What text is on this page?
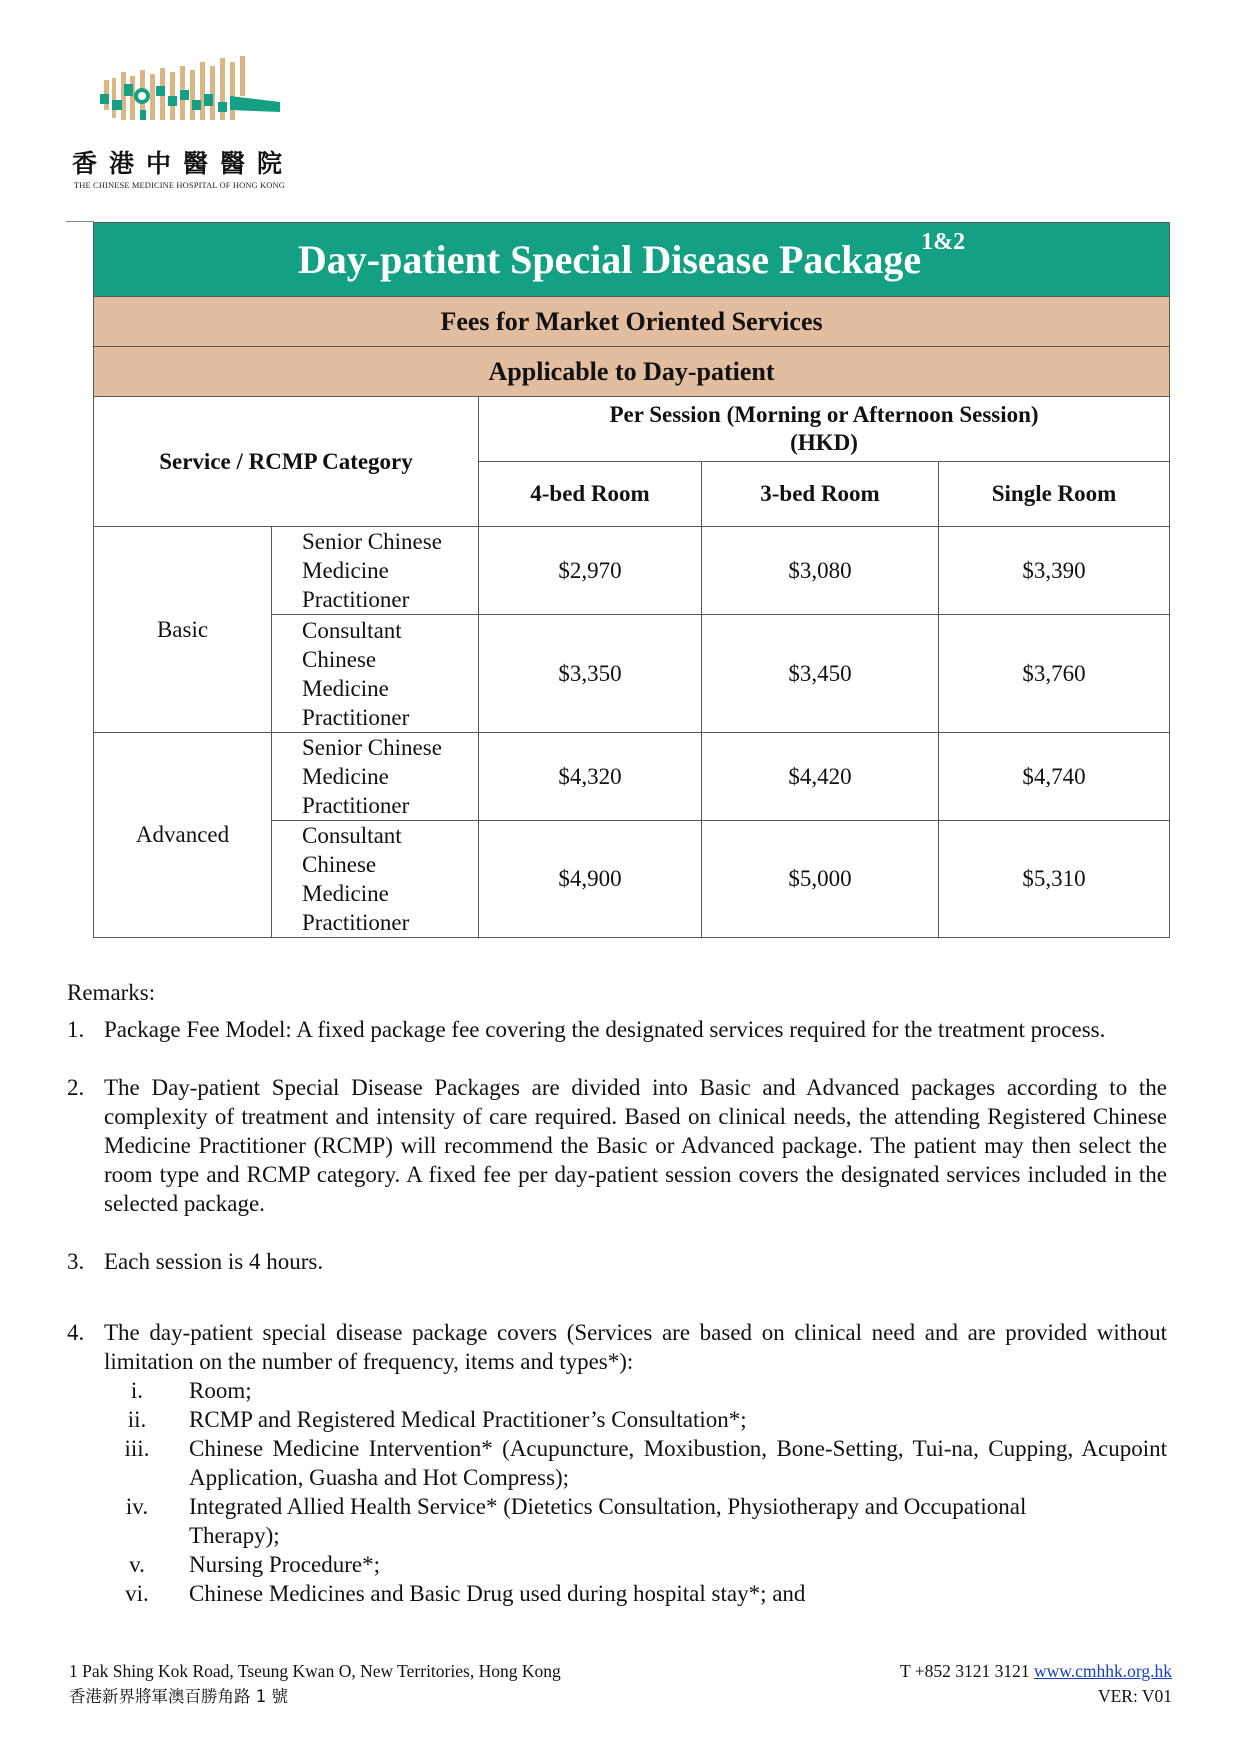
香港中醫醫院
THE CHINESE MEDICINE HOSPITAL OF HONG KONG
Day-patient Special Disease Package$^{1\&2}$
Fees for Market Oriented Services				
Applicable to Day-patient				
Service / RCMP Category		Per Session (Morning or Afternoon Session)
(HKD)		
		4-bed Room	3-bed Room	Single Room
Basic	Senior Chinese Medicine Practitioner	$2,970	$3,080	$3,390
	Consultant Chinese Medicine Practitioner	$3,350	$3,450	$3,760
Advanced	Senior Chinese Medicine Practitioner	$4,320	$4,420	$4,740
	Consultant Chinese Medicine Practitioner	$4,900	$5,000	$5,310
Remarks:
1. Package Fee Model: A fixed package fee covering the designated services required for the treatment process.
2. The Day-patient Special Disease Packages are divided into Basic and Advanced packages according to the complexity of treatment and intensity of care required. Based on clinical needs, the attending Registered Chinese Medicine Practitioner (RCMP) will recommend the Basic or Advanced package. The patient may then select the room type and RCMP category. A fixed fee per day-patient session covers the designated services included in the selected package.
3. Each session is 4 hours.
4. The day-patient special disease package covers (Services are based on clinical need and are provided without limitation on the number of frequency, items and types*):
i.	Room;
ii.	RCMP and Registered Medical Practitioner’s Consultation*;
iii.	Chinese Medicine Intervention* (Acupuncture, Moxibustion, Bone-Setting, Tui-na, Cupping, Acupoint Application, Guasha and Hot Compress);
iv.	Integrated Allied Health Service* (Dietetics Consultation, Physiotherapy and Occupational Therapy);
v.	Nursing Procedure*;
vi.	Chinese Medicines and Basic Drug used during hospital stay*; and
1 Pak Shing Kok Road, Tseung Kwan O, New Territories, Hong Kong
香港新界將軍澳百勝角路 1 號
T +852 3121 3121 www.cmhhk.org.hk
VER: V01
